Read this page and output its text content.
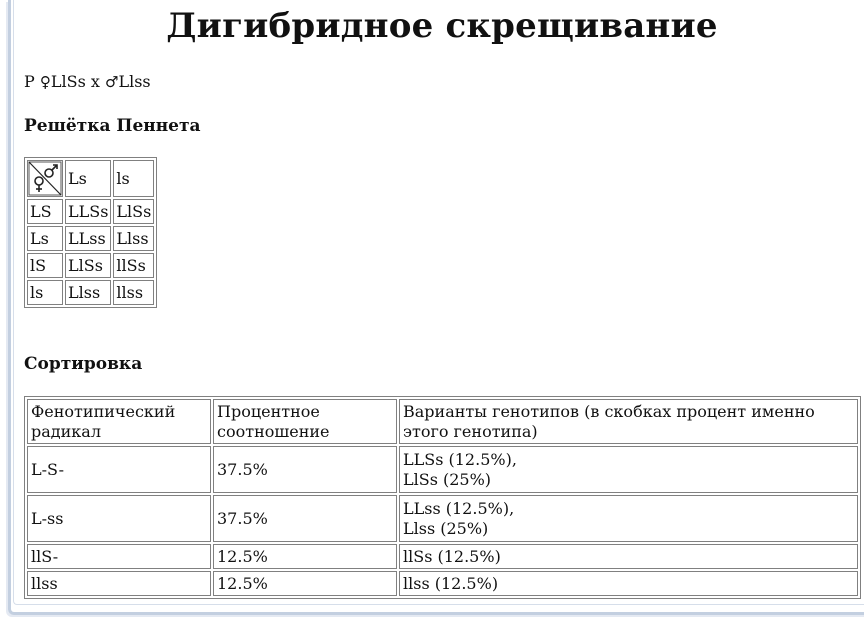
Дигибридное скрещивание
P ♀LlSs x ♂Llss
Решётка Пеннета
	Ls	ls
LS	LLSs	LlSs
Ls	LLss	Llss
lS	LlSs	llSs
ls	Llss	llss
Сортировка
Фенотипический радикал	Процентное соотношение	Варианты генотипов (в скобках процент именно этого генотипа)
L-S-	37.5%	LLSs (12.5%),
LlSs (25%)

L-ss	37.5%	LLss (12.5%),
Llss (25%)

llS-	12.5%	llSs (12.5%)
llss	12.5%	llss (12.5%)
